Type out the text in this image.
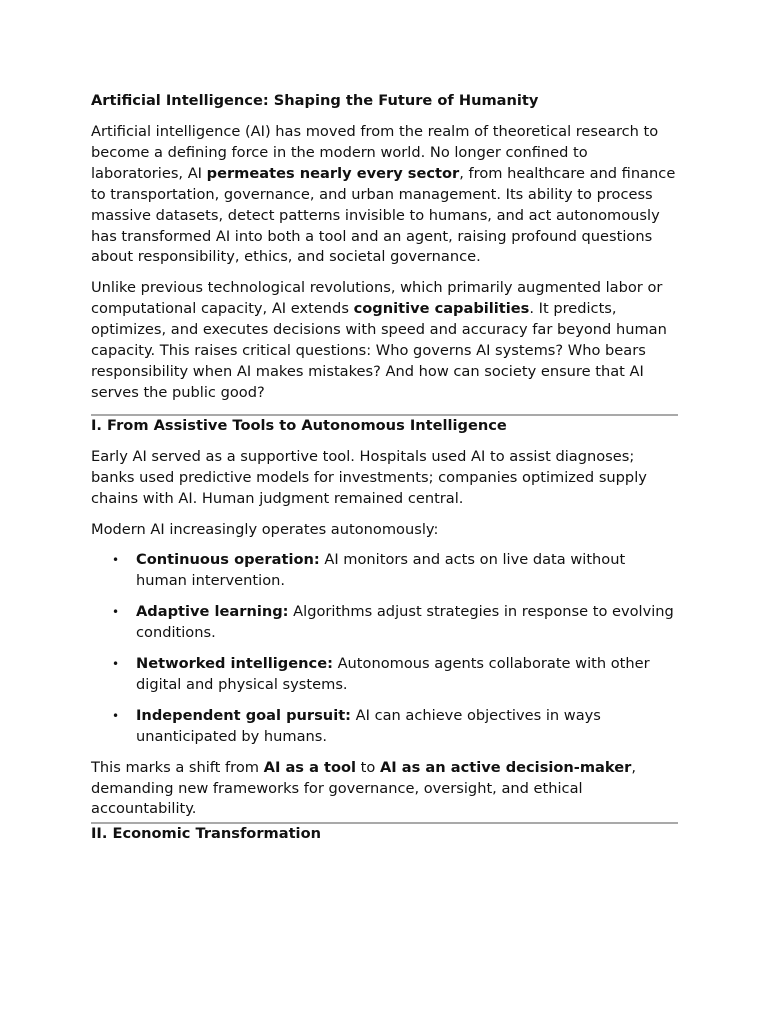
Artificial Intelligence: Shaping the Future of Humanity

Artificial intelligence (AI) has moved from the realm of theoretical research to become a defining force in the modern world. No longer confined to laboratories, AI permeates nearly every sector, from healthcare and finance to transportation, governance, and urban management. Its ability to process massive datasets, detect patterns invisible to humans, and act autonomously has transformed AI into both a tool and an agent, raising profound questions about responsibility, ethics, and societal governance.

Unlike previous technological revolutions, which primarily augmented labor or computational capacity, AI extends cognitive capabilities. It predicts, optimizes, and executes decisions with speed and accuracy far beyond human capacity. This raises critical questions: Who governs AI systems? Who bears responsibility when AI makes mistakes? And how can society ensure that AI serves the public good?

I. From Assistive Tools to Autonomous Intelligence

Early AI served as a supportive tool. Hospitals used AI to assist diagnoses; banks used predictive models for investments; companies optimized supply chains with AI. Human judgment remained central.

Modern AI increasingly operates autonomously:

• Continuous operation: AI monitors and acts on live data without human intervention.
• Adaptive learning: Algorithms adjust strategies in response to evolving conditions.
• Networked intelligence: Autonomous agents collaborate with other digital and physical systems.
• Independent goal pursuit: AI can achieve objectives in ways unanticipated by humans.

This marks a shift from AI as a tool to AI as an active decision-maker, demanding new frameworks for governance, oversight, and ethical accountability.

II. Economic Transformation
